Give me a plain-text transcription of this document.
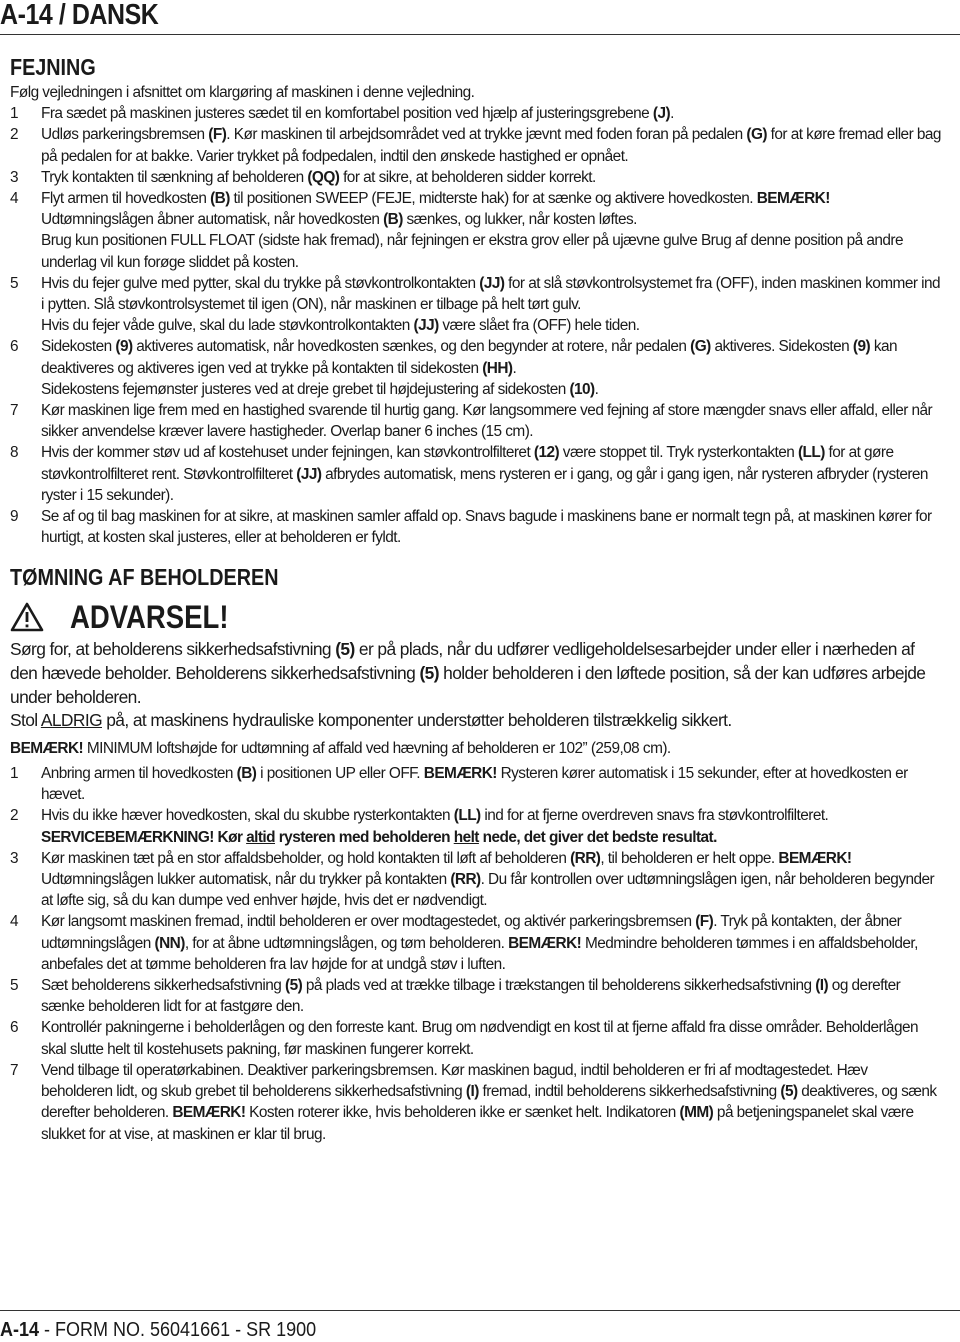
A-14 / DANSK
FEJNING

Følg vejledningen i afsnittet om klargøring af maskinen i denne vejledning.

1 Fra sædet på maskinen justeres sædet til en komfortabel position ved hjælp af justeringsgrebene (J).
2 Udløs parkeringsbremsen (F). Kør maskinen til arbejdsområdet ved at trykke jævnt med foden foran på pedalen (G) for at køre fremad eller bag på pedalen for at bakke. Varier trykket på fodpedalen, indtil den ønskede hastighed er opnået.
3 Tryk kontakten til sænkning af beholderen (QQ) for at sikre, at beholderen sidder korrekt.
4 Flyt armen til hovedkosten (B) til positionen SWEEP (FEJE, midterste hak) for at sænke og aktivere hovedkosten. BEMÆRK! Udtømningslågen åbner automatisk, når hovedkosten (B) sænkes, og lukker, når kosten løftes.

Brug kun positionen FULL FLOAT (sidste hak fremad), når fejningen er ekstra grov eller på ujævne gulve Brug af denne position på andre underlag vil kun forøge sliddet på kosten.

5 Hvis du fejer gulve med pytter, skal du trykke på støvkontrolkontakten (JJ) for at slå støvkontrolsystemet fra (OFF), inden maskinen kommer ind i pytten. Slå støvkontrolsystemet til igen (ON), når maskinen er tilbage på helt tørt gulv.

Hvis du fejer våde gulve, skal du lade støvkontrolkontakten (JJ) være slået fra (OFF) hele tiden.

6 Sidekosten (9) aktiveres automatisk, når hovedkosten sænkes, og den begynder at rotere, når pedalen (G) aktiveres. Sidekosten (9) kan deaktiveres og aktiveres igen ved at trykke på kontakten til sidekosten (HH).

Sidekostens fejemønster justeres ved at dreje grebet til højdejustering af sidekosten (10).

7 Kør maskinen lige frem med en hastighed svarende til hurtig gang. Kør langsommere ved fejning af store mængder snavs eller affald, eller når sikker anvendelse kræver lavere hastigheder. Overlap baner 6 inches (15 cm).
8 Hvis der kommer støv ud af kostehuset under fejningen, kan støvkontrolfilteret (12) være stoppet til. Tryk rysterkontakten (LL) for at gøre støvkontrolfilteret rent. Støvkontrolfilteret (JJ) afbrydes automatisk, mens rysteren er i gang, og går i gang igen, når rysteren afbryder (rysteren ryster i 15 sekunder).
9 Se af og til bag maskinen for at sikre, at maskinen samler affald op. Snavs bagude i maskinens bane er normalt tegn på, at maskinen kører for hurtigt, at kosten skal justeres, eller at beholderen er fyldt.
TØMNING AF BEHOLDEREN
ADVARSEL!

Sørg for, at beholderens sikkerhedsafstivning (5) er på plads, når du udfører vedligeholdelsesarbejder under eller i nærheden af den hævede beholder. Beholderens sikkerhedsafstivning (5) holder beholderen i den løftede position, så der kan udføres arbejde under beholderen.

Stol ALDRIG på, at maskinens hydrauliske komponenter understøtter beholderen tilstrækkelig sikkert.

BEMÆRK! MINIMUM loftshøjde for udtømning af affald ved hævning af beholderen er 102” (259,08 cm).

1 Anbring armen til hovedkosten (B) i positionen UP eller OFF. BEMÆRK! Rysteren kører automatisk i 15 sekunder, efter at hovedkosten er hævet.
2 Hvis du ikke hæver hovedkosten, skal du skubbe rysterkontakten (LL) ind for at fjerne overdreven snavs fra støvkontrolfilteret.

SERVICEBEMÆRKNING! Kør altid rysteren med beholderen helt nede, det giver det bedste resultat.

3 Kør maskinen tæt på en stor affaldsbeholder, og hold kontakten til løft af beholderen (RR), til beholderen er helt oppe. BEMÆRK! Udtømningslågen lukker automatisk, når du trykker på kontakten (RR). Du får kontrollen over udtømningslågen igen, når beholderen begynder at løfte sig, så du kan dumpe ved enhver højde, hvis det er nødvendigt.
4 Kør langsomt maskinen fremad, indtil beholderen er over modtagestedet, og aktivér parkeringsbremsen (F). Tryk på kontakten, der åbner udtømningslågen (NN), for at åbne udtømningslågen, og tøm beholderen. BEMÆRK! Medmindre beholderen tømmes i en affaldsbeholder, anbefales det at tømme beholderen fra lav højde for at undgå støv i luften.
5 Sæt beholderens sikkerhedsafstivning (5) på plads ved at trække tilbage i trækstangen til beholderens sikkerhedsafstivning (I) og derefter sænke beholderen lidt for at fastgøre den.
6 Kontrollér pakningerne i beholderlågen og den forreste kant. Brug om nødvendigt en kost til at fjerne affald fra disse områder. Beholderlågen skal slutte helt til kostehusets pakning, før maskinen fungerer korrekt.
7 Vend tilbage til operatørkabinen. Deaktiver parkeringsbremsen. Kør maskinen bagud, indtil beholderen er fri af modtagestedet. Hæv beholderen lidt, og skub grebet til beholderens sikkerhedsafstivning (I) fremad, indtil beholderens sikkerhedsafstivning (5) deaktiveres, og sænk derefter beholderen. BEMÆRK! Kosten roterer ikke, hvis beholderen ikke er sænket helt. Indikatoren (MM) på betjeningspanelet skal være slukket for at vise, at maskinen er klar til brug.
A-14 - FORM NO. 56041661 - SR 1900
